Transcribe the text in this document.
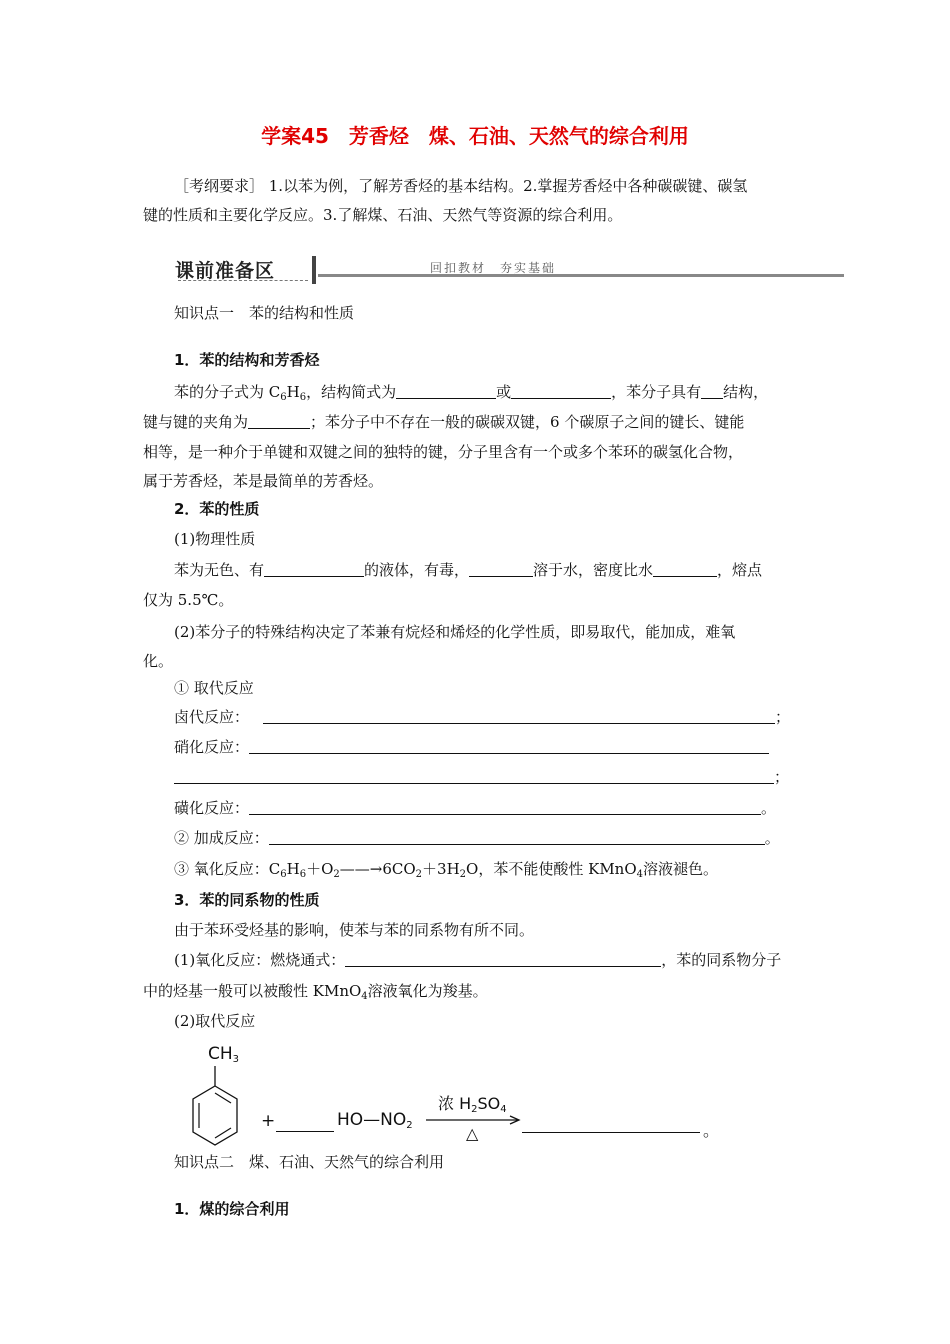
学案45　芳香烃　煤、石油、天然气的综合利用
［考纲要求］ 1.以苯为例，了解芳香烃的基本结构。2.掌握芳香烃中各种碳碳键、碳氢
键的性质和主要化学反应。3.了解煤、石油、天然气等资源的综合利用。
课前准备区	回扣教材　夯实基础
知识点一　苯的结构和性质
1．苯的结构和芳香烃
苯的分子式为 $C_6H_6$，结构简式为	或	，苯分子具有 结构，
键与键的夹角为	；苯分子中不存在一般的碳碳双键，6 个碳原子之间的键长、键能
相等，是一种介于单键和双键之间的独特的键，分子里含有一个或多个苯环的碳氢化合物，
属于芳香烃，苯是最简单的芳香烃。
2．苯的性质
(1)物理性质
苯为无色、有	的液体，有毒，	溶于水，密度比水	，熔点
仅为 5.5℃。
(2)苯分子的特殊结构决定了苯兼有烷烃和烯烃的化学性质，即易取代，能加成，难氧
化。
① 取代反应
卤代反应：	；
硝化反应：
；
磺化反应：	。
② 加成反应：	。
③ 氧化反应：$C_6H_6+O_2——\to 6CO_2+3H_2O$，苯不能使酸性 KMnO$_4$溶液褪色。
3．苯的同系物的性质
由于苯环受烃基的影响，使苯与苯的同系物有所不同。
(1)氧化反应：燃烧通式：	，苯的同系物分子
中的烃基一般可以被酸性 KMnO$_4$溶液氧化为羧基。
(2)取代反应
$CH_3$
+	$HO—NO_2$
浓 $H_2SO_4$
△	。
知识点二　煤、石油、天然气的综合利用
1．煤的综合利用
